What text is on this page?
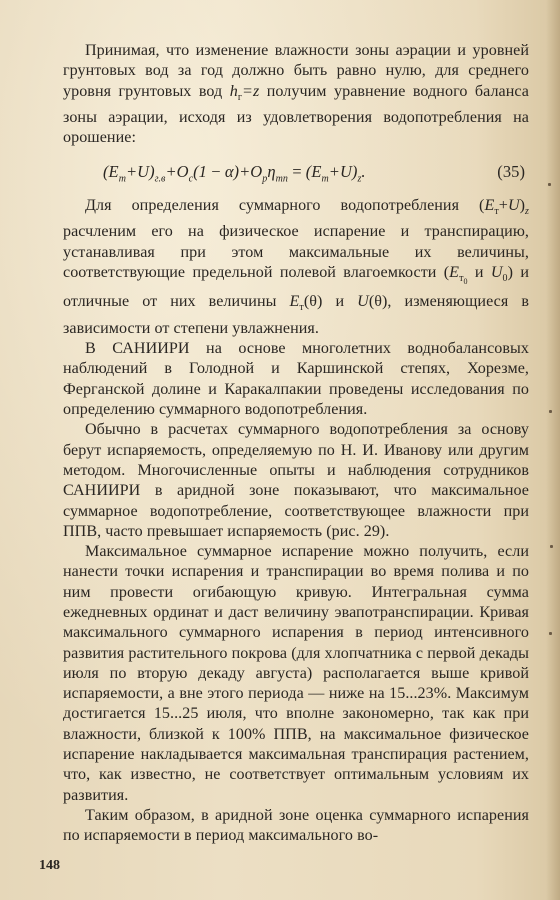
Принимая, что изменение влажности зоны аэрации и уровней грунтовых вод за год должно быть равно нулю, для среднего уровня грунтовых вод $h_г=z$ получим уравнение водного баланса зоны аэрации, исходя из удовлетворения водопотребления на орошение:

$(E_т+U)_{г.в}+O_с(1 - \alpha)+O_р\eta_{mn} = (E_т+U)_z$.	(35)

Для определения суммарного водопотребления $(E_т+U)_z$ расчленим его на физическое испарение и транспирацию, устанавливая при этом максимальные их величины, соответствующие предельной полевой влагоемкости ($E_{т_0}$ и $U_0$) и отличные от них величины $E_т(\theta)$ и U(θ), изменяющиеся в зависимости от степени увлажнения.

В САНИИРИ на основе многолетних воднобалансовых наблюдений в Голодной и Каршинской степях, Хорезме, Ферганской долине и Каракалпакии проведены исследования по определению суммарного водопотребления.

Обычно в расчетах суммарного водопотребления за основу берут испаряемость, определяемую по Н. И. Иванову или другим методом. Многочисленные опыты и наблюдения сотрудников САНИИРИ в аридной зоне показывают, что максимальное суммарное водопотребление, соответствующее влажности при ППВ, часто превышает испаряемость (рис. 29).

Максимальное суммарное испарение можно получить, если нанести точки испарения и транспирации во время полива и по ним провести огибающую кривую. Интегральная сумма ежедневных ординат и даст величину эвапотранспирации. Кривая максимального суммарного испарения в период интенсивного развития растительного покрова (для хлопчатника с первой декады июля по вторую декаду августа) располагается выше кривой испаряемости, а вне этого периода — ниже на 15...23%. Максимум достигается 15...25 июля, что вполне закономерно, так как при влажности, близкой к 100% ППВ, на максимальное физическое испарение накладывается максимальная транспирация растением, что, как известно, не соответствует оптимальным условиям их развития.

Таким образом, в аридной зоне оценка суммарного испарения по испаряемости в период максимального во-

148
